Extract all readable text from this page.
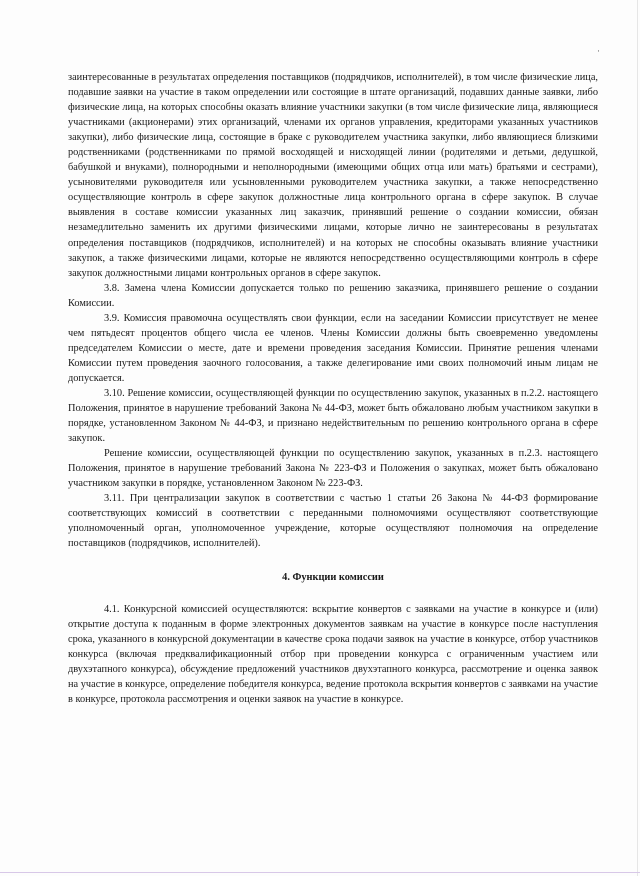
·

заинтересованные в результатах определения поставщиков (подрядчиков, исполнителей), в том числе физические лица, подавшие заявки на участие в таком определении или состоящие в штате организаций, подавших данные заявки, либо физические лица, на которых способны оказать влияние участники закупки (в том числе физические лица, являющиеся участниками (акционерами) этих организаций, членами их органов управления, кредиторами указанных участников закупки), либо физические лица, состоящие в браке с руководителем участника закупки, либо являющиеся близкими родственниками (родственниками по прямой восходящей и нисходящей линии (родителями и детьми, дедушкой, бабушкой и внуками), полнородными и неполнородными (имеющими общих отца или мать) братьями и сестрами), усыновителями руководителя или усыновленными руководителем участника закупки, а также непосредственно осуществляющие контроль в сфере закупок должностные лица контрольного органа в сфере закупок. В случае выявления в составе комиссии указанных лиц заказчик, принявший решение о создании комиссии, обязан незамедлительно заменить их другими физическими лицами, которые лично не заинтересованы в результатах определения поставщиков (подрядчиков, исполнителей) и на которых не способны оказывать влияние участники закупок, а также физическими лицами, которые не являются непосредственно осуществляющими контроль в сфере закупок должностными лицами контрольных органов в сфере закупок.

3.8. Замена члена Комиссии допускается только по решению заказчика, принявшего решение о создании Комиссии.

3.9. Комиссия правомочна осуществлять свои функции, если на заседании Комиссии присутствует не менее чем пятьдесят процентов общего числа ее членов. Члены Комиссии должны быть своевременно уведомлены председателем Комиссии о месте, дате и времени проведения заседания Комиссии. Принятие решения членами Комиссии путем проведения заочного голосования, а также делегирование ими своих полномочий иным лицам не допускается.

3.10. Решение комиссии, осуществляющей функции по осуществлению закупок, указанных в п.2.2. настоящего Положения, принятое в нарушение требований Закона № 44-ФЗ, может быть обжаловано любым участником закупки в порядке, установленном Законом № 44-ФЗ, и признано недействительным по решению контрольного органа в сфере закупок.

Решение комиссии, осуществляющей функции по осуществлению закупок, указанных в п.2.3. настоящего Положения, принятое в нарушение требований Закона № 223-ФЗ и Положения о закупках, может быть обжаловано участником закупки в порядке, установленном Законом № 223-ФЗ.

3.11. При централизации закупок в соответствии с частью 1 статьи 26 Закона № 44-ФЗ формирование соответствующих комиссий в соответствии с переданными полномочиями осуществляют соответствующие уполномоченный орган, уполномоченное учреждение, которые осуществляют полномочия на определение поставщиков (подрядчиков, исполнителей).

4. Функции комиссии

4.1. Конкурсной комиссией осуществляются: вскрытие конвертов с заявками на участие в конкурсе и (или) открытие доступа к поданным в форме электронных документов заявкам на участие в конкурсе после наступления срока, указанного в конкурсной документации в качестве срока подачи заявок на участие в конкурсе, отбор участников конкурса (включая предквалификационный отбор при проведении конкурса с ограниченным участием или двухэтапного конкурса), обсуждение предложений участников двухэтапного конкурса, рассмотрение и оценка заявок на участие в конкурсе, определение победителя конкурса, ведение протокола вскрытия конвертов с заявками на участие в конкурсе, протокола рассмотрения и оценки заявок на участие в конкурсе.
